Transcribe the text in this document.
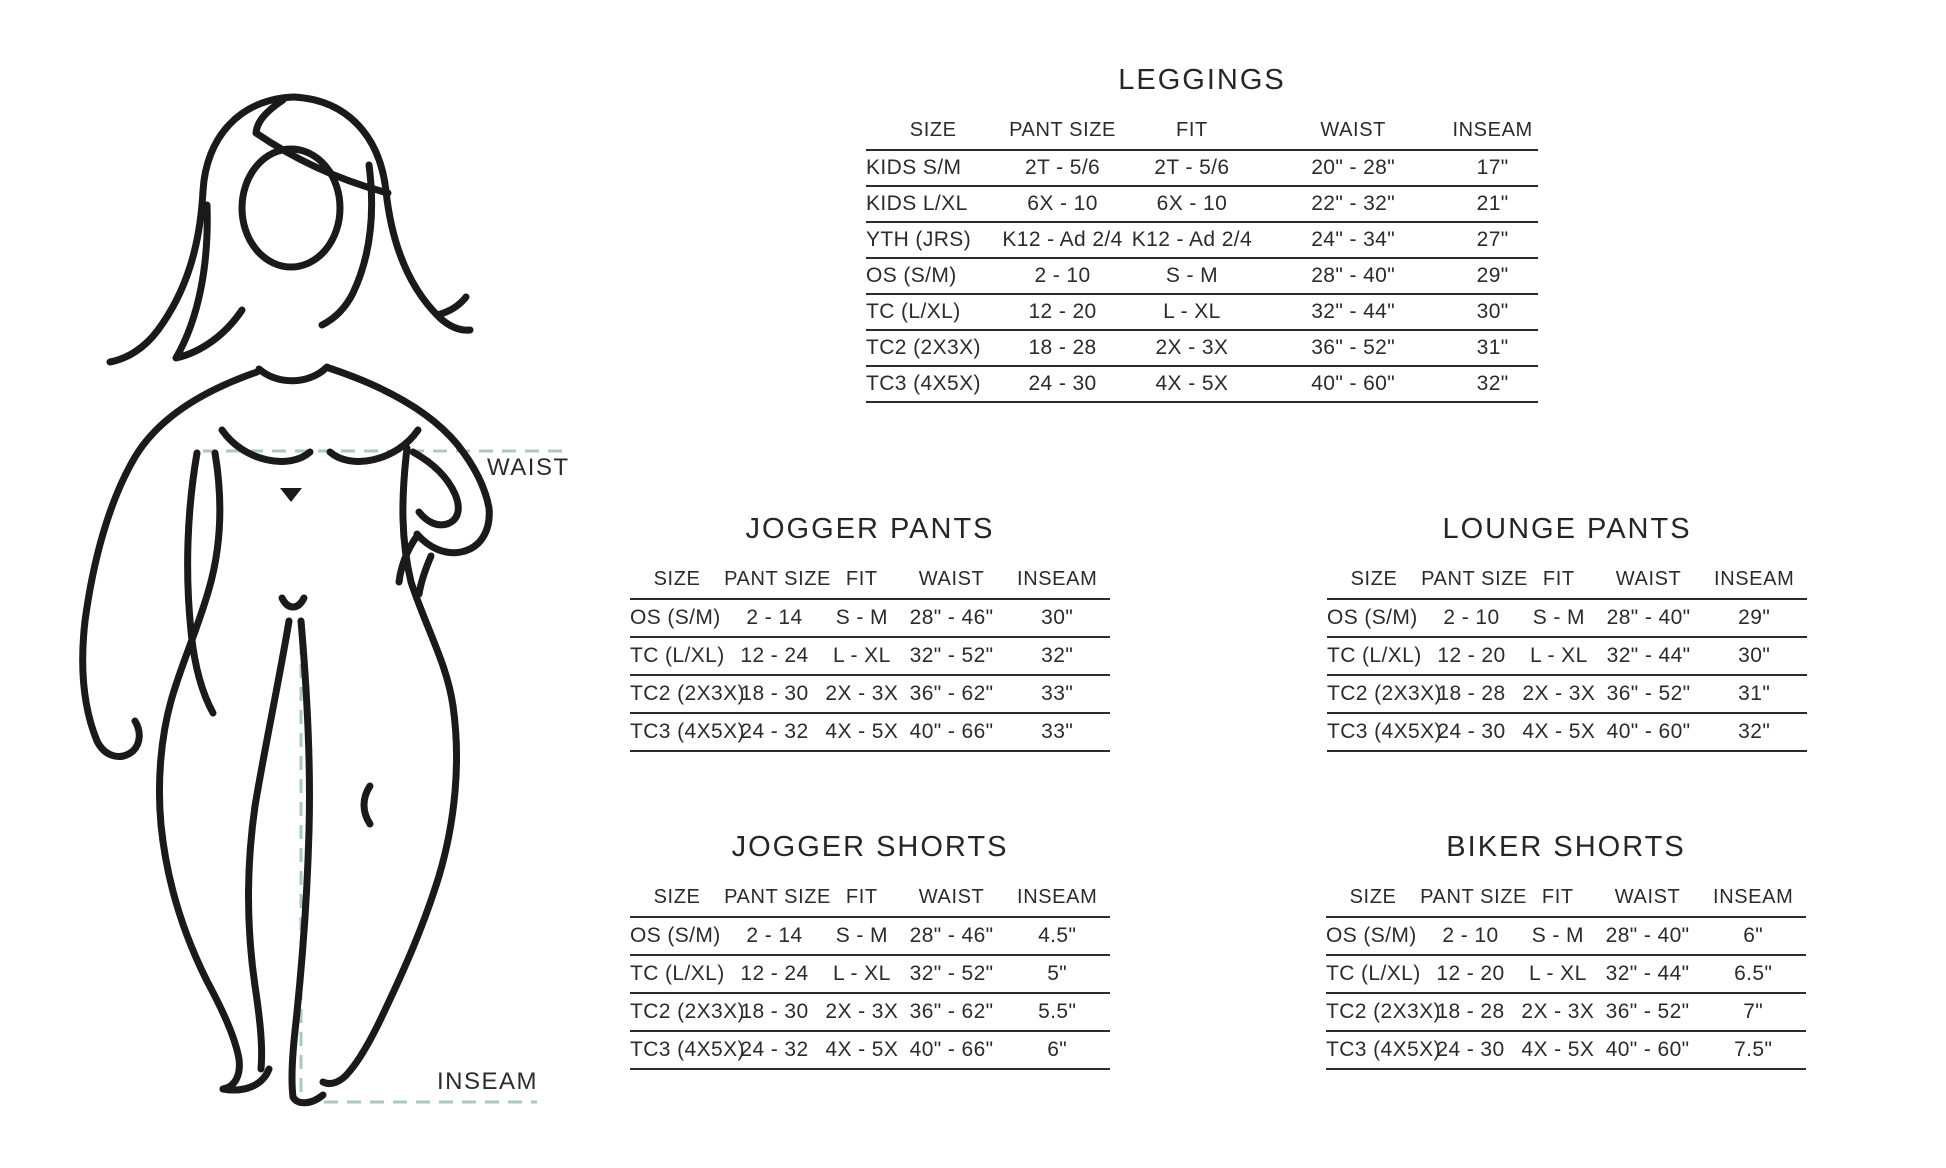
WAIST
INSEAM
LEGGINGS
SIZE	PANT SIZE	FIT	WAIST	INSEAM
KIDS S/M	2T - 5/6	2T - 5/6	20" - 28"	17"
KIDS L/XL	6X - 10	6X - 10	22" - 32"	21"
YTH (JRS)	K12 - Ad 2/4	K12 - Ad 2/4	24" - 34"	27"
OS (S/M)	2 - 10	S - M	28" - 40"	29"
TC (L/XL)	12 - 20	L - XL	32" - 44"	30"
TC2 (2X3X)	18 - 28	2X - 3X	36" - 52"	31"
TC3 (4X5X)	24 - 30	4X - 5X	40" - 60"	32"
JOGGER PANTS
SIZE	PANT SIZE	FIT	WAIST	INSEAM
OS (S/M)	2 - 14	S - M	28" - 46"	30"
TC (L/XL)	12 - 24	L - XL	32" - 52"	32"
TC2 (2X3X)	18 - 30	2X - 3X	36" - 62"	33"
TC3 (4X5X)	24 - 32	4X - 5X	40" - 66"	33"
LOUNGE PANTS
SIZE	PANT SIZE	FIT	WAIST	INSEAM
OS (S/M)	2 - 10	S - M	28" - 40"	29"
TC (L/XL)	12 - 20	L - XL	32" - 44"	30"
TC2 (2X3X)	18 - 28	2X - 3X	36" - 52"	31"
TC3 (4X5X)	24 - 30	4X - 5X	40" - 60"	32"
JOGGER SHORTS
SIZE	PANT SIZE	FIT	WAIST	INSEAM
OS (S/M)	2 - 14	S - M	28" - 46"	4.5"
TC (L/XL)	12 - 24	L - XL	32" - 52"	5"
TC2 (2X3X)	18 - 30	2X - 3X	36" - 62"	5.5"
TC3 (4X5X)	24 - 32	4X - 5X	40" - 66"	6"
BIKER SHORTS
SIZE	PANT SIZE	FIT	WAIST	INSEAM
OS (S/M)	2 - 10	S - M	28" - 40"	6"
TC (L/XL)	12 - 20	L - XL	32" - 44"	6.5"
TC2 (2X3X)	18 - 28	2X - 3X	36" - 52"	7"
TC3 (4X5X)	24 - 30	4X - 5X	40" - 60"	7.5"
